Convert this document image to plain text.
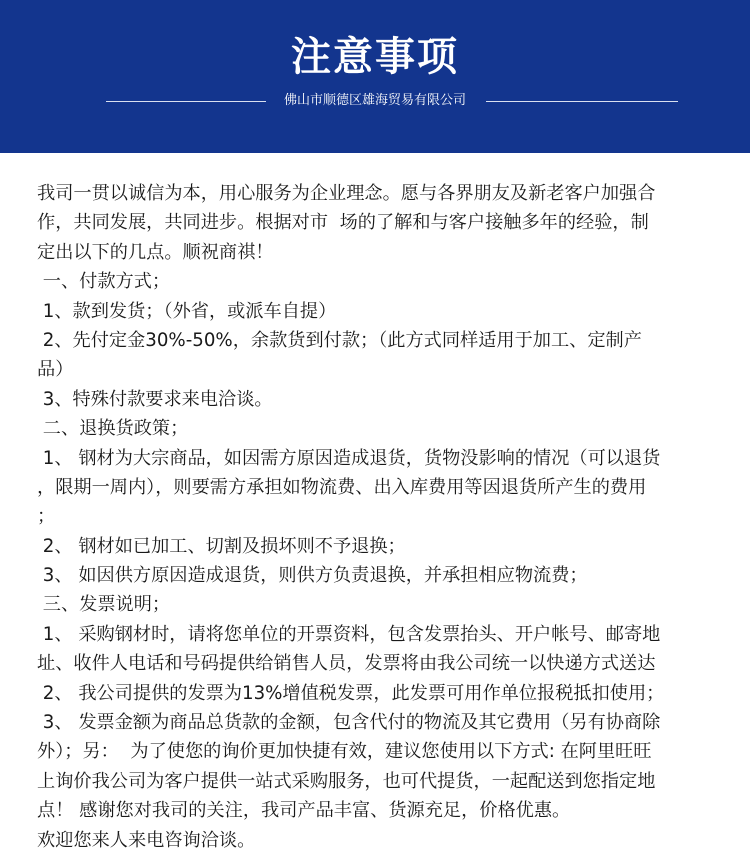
注意事项
佛山市顺德区雄海贸易有限公司
我司一贯以诚信为本，用心服务为企业理念。愿与各界朋友及新老客户加强合
作，共同发展，共同进步。根据对市  场的了解和与客户接触多年的经验，制
定出以下的几点。顺祝商祺！
一、付款方式；
1、款到发货；（外省，或派车自提）
2、先付定金30%-50%，余款货到付款；（此方式同样适用于加工、定制产
品）
3、特殊付款要求来电洽谈。
二、退换货政策；
1、 钢材为大宗商品，如因需方原因造成退货，货物没影响的情况（可以退货
，限期一周内），则要需方承担如物流费、出入库费用等因退货所产生的费用
；
2、 钢材如已加工、切割及损坏则不予退换；
3、 如因供方原因造成退货，则供方负责退换，并承担相应物流费；
三、发票说明；
1、 采购钢材时，请将您单位的开票资料，包含发票抬头、开户帐号、邮寄地
址、收件人电话和号码提供给销售人员，发票将由我公司统一以快递方式送达
2、 我公司提供的发票为13%增值税发票，此发票可用作单位报税抵扣使用；
3、 发票金额为商品总货款的金额，包含代付的物流及其它费用（另有协商除
外）；另：  为了使您的询价更加快捷有效，建议您使用以下方式: 在阿里旺旺
上询价我公司为客户提供一站式采购服务，也可代提货，一起配送到您指定地
点！ 感谢您对我司的关注，我司产品丰富、货源充足，价格优惠。
欢迎您来人来电咨询洽谈。
